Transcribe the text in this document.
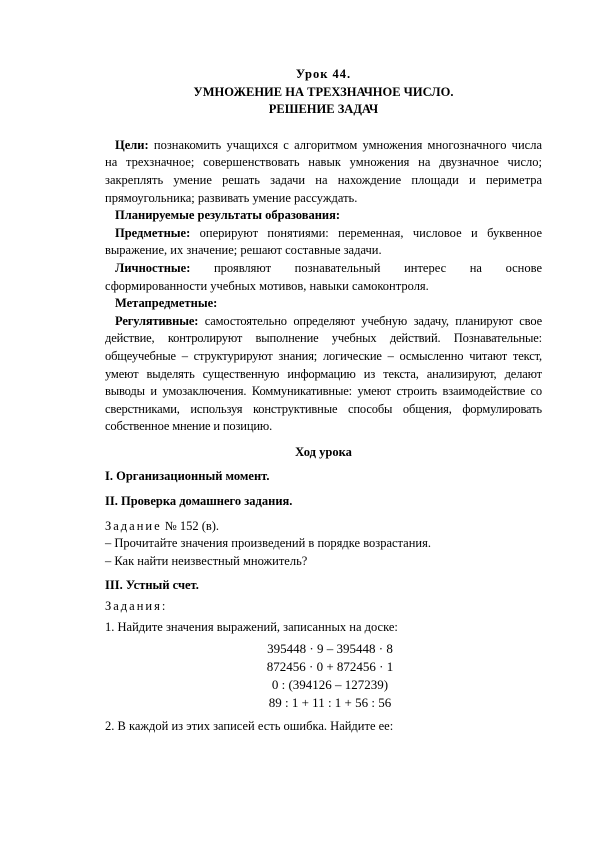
Урок 44.
УМНОЖЕНИЕ НА ТРЕХЗНАЧНОЕ ЧИСЛО.
РЕШЕНИЕ ЗАДАЧ

Цели: познакомить учащихся с алгоритмом умножения многозначного числа на трехзначное; совершенствовать навык умножения на двузначное число; закреплять умение решать задачи на нахождение площади и периметра прямоугольника; развивать умение рассуждать.

Планируемые результаты образования:

Предметные: оперируют понятиями: переменная, числовое и буквенное выражение, их значение; решают составные задачи.

Личностные: проявляют познавательный интерес на основе сформированности учебных мотивов, навыки самоконтроля.

Метапредметные:

Регулятивные: самостоятельно определяют учебную задачу, планируют свое действие, контролируют выполнение учебных действий. Познавательные: общеучебные – структурируют знания; логические – осмысленно читают текст, умеют выделять существенную информацию из текста, анализируют, делают выводы и умозаключения. Коммуникативные: умеют строить взаимодействие со сверстниками, используя конструктивные способы общения, формулировать собственное мнение и позицию.

Ход урока

I. Организационный момент.

II. Проверка домашнего задания.

Задание № 152 (в).

– Прочитайте значения произведений в порядке возрастания.

– Как найти неизвестный множитель?

III. Устный счет.

Задания:

1. Найдите значения выражений, записанных на доске:

395448 · 9 – 395448 · 8
872456 · 0 + 872456 · 1
0 : (394126 – 127239)
89 : 1 + 11 : 1 + 56 : 56

2. В каждой из этих записей есть ошибка. Найдите ее:
